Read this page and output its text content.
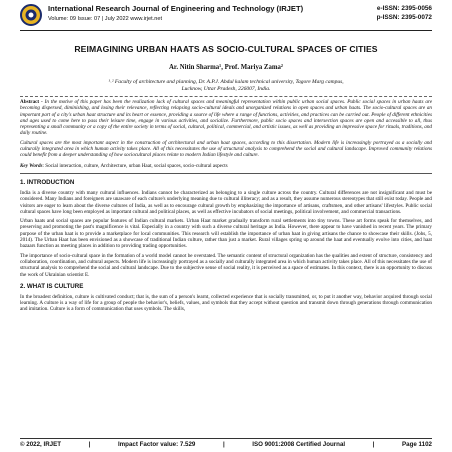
International Research Journal of Engineering and Technology (IRJET)
Volume: 09 Issue: 07 | July 2022 www.irjet.net
e-ISSN: 2395-0056
p-ISSN: 2395-0072
REIMAGINING URBAN HAATS AS SOCIO-CULTURAL SPACES OF CITIES
Ar. Nitin Sharma¹, Prof. Mariya Zama²
¹˒² Faculty of architecture and planning, Dr. A.P.J. Abdul kalam technical university, Tagore Marg campus,
Lucknow, Uttar Pradesh, 226007, India.

Abstract - In the motive of this paper has been the realization lack of cultural spaces and meaningful representation within public urban social spaces. Public social spaces in urban haats are becoming dispersed, diminishing, and losing their relevance, reflecting relapsing socio-cultural ideals and unorganized relations in open spaces and urban haats. The socio-cultural spaces are an important part of a city's urban haat structure and its heart or essence, providing a source of life where a range of functions, activities, and practices can be carried out. People of different ethnicities and ages used to come here to pass their leisure time, engage in various activities, and socialize. Furthermore, public socio spaces and intersection spaces are open and accessible to all, thus representing a small community or a copy of the entire society in terms of social, cultural, political, commercial, and artistic issues, as well as providing an impressive space for rituals, traditions, and daily routine.

Cultural spaces are the most important aspect in the construction of architectural and urban haat spaces, according to this dissertation. Modern life is increasingly portrayed as a socially and culturally integrated area in which human activity takes place. All of this necessitates the use of structural analysis to comprehend the social and cultural landscape. Improved community relations could benefit from a deeper understanding of how sociocultural places relate to modern Indian lifestyle and culture.

Key Words: Social interaction, culture, Architecture, urban Haat, social spaces, socio-cultural aspects

1. INTRODUCTION

India is a diverse country with many cultural influences. Indians cannot be characterized as belonging to a single culture across the country. Cultural differences are not insignificant and must be considered. Many Indians and foreigners are unaware of each culture's underlying meaning due to cultural illiteracy; and as a result, they assume numerous stereotypes that still exist today. People and visitors are eager to learn about the diverse cultures of India, as well as to encourage cultural growth by emphasizing the importance of artisans, craftsmen, and other artisans' lifestyles. Public social cultural spaces have long been employed as important cultural and political places, as well as effective incubators of social meetings, political involvement, and commercial transactions.

Urban haats and social spaces are popular features of Indian cultural markets. Urban Haat market gradually transform rural settlements into tiny towns. These art forms speak for themselves, and preserving and promoting the past's magnificence is vital. Especially in a country with such a diverse cultural heritage as India. However, there appear to have vanished in recent years. The primary purpose of the urban haat is to provide a marketplace for local communities. This research will establish the importance of urban haat in giving artisans the chance to showcase their skills. (Johs, 5, 2014). The Urban Haat has been envisioned as a showcase of traditional Indian culture, rather than just a market. Rural villages spring up around the haat and eventually evolve into cities, and haat bazaars function as meeting places in addition to providing trading opportunities.

The importance of socio-cultural space in the formation of a world model cannot be overstated. The semantic content of structural organization has the qualities and extent of structure, consistency and collaboration, coordination, and cultural aspects. Modern life is increasingly portrayed as a socially and culturally integrated area in which human activity takes place. All of this necessitates the use of structural analysis to comprehend the social and cultural landscape. Due to the subjective sense of social reality, it is perceived as a space of estimates. In this context, there is an opportunity to discuss the work of Ukrainian scientist E.

2. WHAT IS CULTURE

In the broadest definition, culture is cultivated conduct; that is, the sum of a person's learnt, collected experience that is socially transmitted, or, to put it another way, behavior acquired through social learning. A culture is a way of life for a group of people the behavior's, beliefs, values, and symbols that they accept without question and transmit down through generations through communication and imitation. Culture is a form of communication that uses symbols. The skills,

© 2022, IRJET	|	Impact Factor value: 7.529	|	ISO 9001:2008 Certified Journal	|	Page 1102
